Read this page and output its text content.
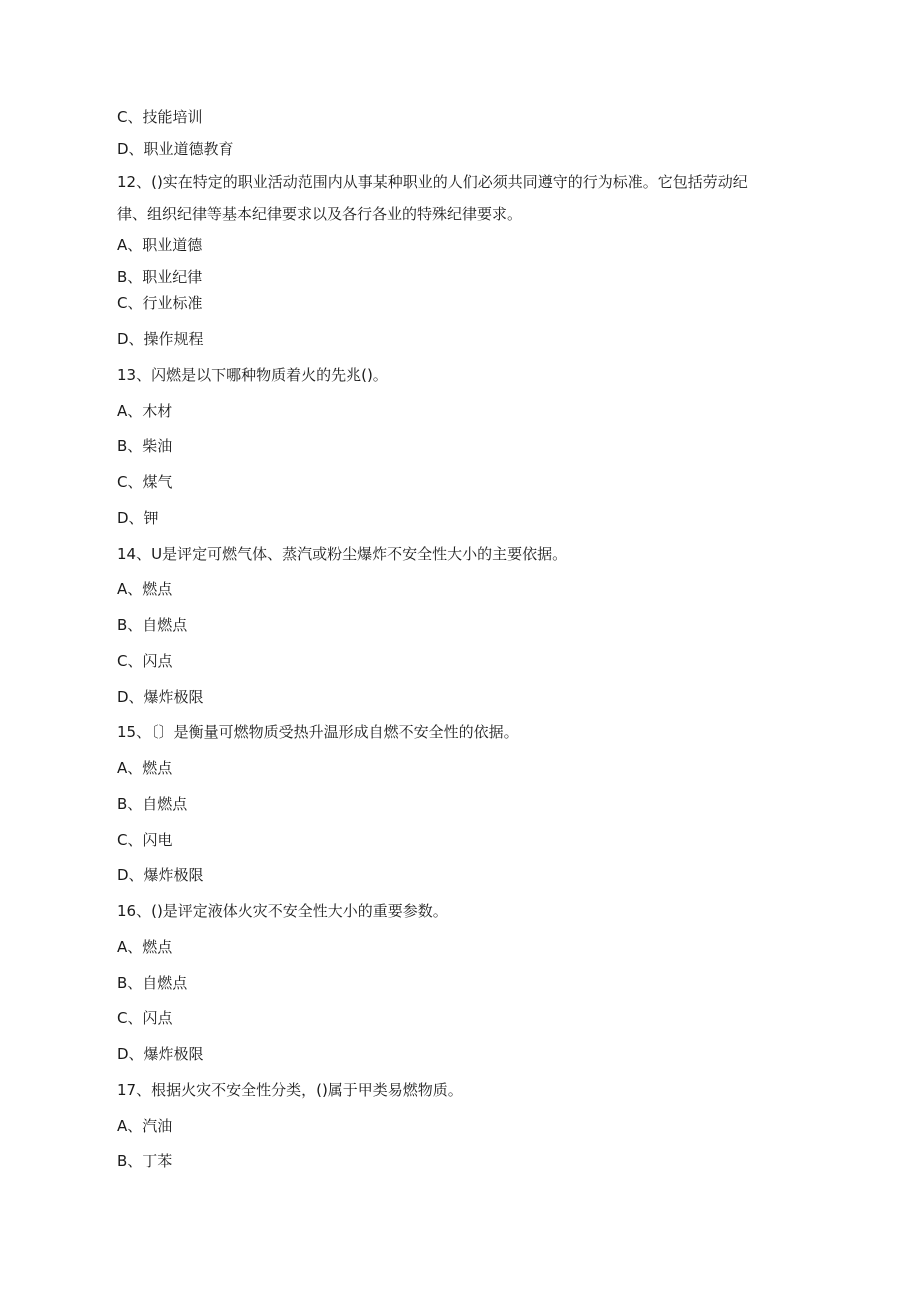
C、技能培训
D、职业道德教育
12、()实在特定的职业活动范围内从事某种职业的人们必须共同遵守的行为标准。它包括劳动纪
律、组织纪律等基本纪律要求以及各行各业的特殊纪律要求。
A、职业道德
B、职业纪律
C、行业标准
D、操作规程
13、闪燃是以下哪种物质着火的先兆()。
A、木材
B、柴油
C、煤气
D、钾
14、U是评定可燃气体、蒸汽或粉尘爆炸不安全性大小的主要依据。
A、燃点
B、自燃点
C、闪点
D、爆炸极限
15、〔〕是衡量可燃物质受热升温形成自燃不安全性的依据。
A、燃点
B、自燃点
C、闪电
D、爆炸极限
16、()是评定液体火灾不安全性大小的重要参数。
A、燃点
B、自燃点
C、闪点
D、爆炸极限
17、根据火灾不安全性分类，()属于甲类易燃物质。
A、汽油
B、丁苯
